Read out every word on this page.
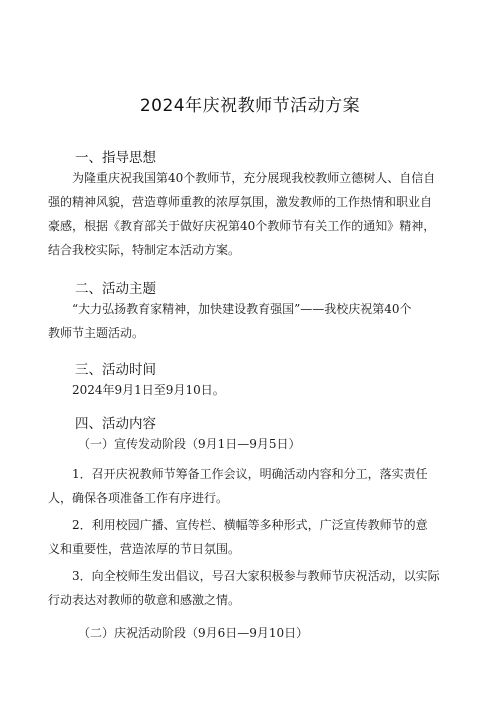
2024年庆祝教师节活动方案
一、指导思想
为隆重庆祝我国第40个教师节，充分展现我校教师立德树人、自信自
强的精神风貌，营造尊师重教的浓厚氛围，激发教师的工作热情和职业自
豪感，根据《教育部关于做好庆祝第40个教师节有关工作的通知》精神，
结合我校实际，特制定本活动方案。
二、活动主题
“大力弘扬教育家精神，加快建设教育强国”——我校庆祝第40个
教师节主题活动。
三、活动时间
2024年9月1日至9月10日。
四、活动内容
（一）宣传发动阶段（9月1日—9月5日）
1．召开庆祝教师节筹备工作会议，明确活动内容和分工，落实责任
人，确保各项准备工作有序进行。
2．利用校园广播、宣传栏、横幅等多种形式，广泛宣传教师节的意
义和重要性，营造浓厚的节日氛围。
3．向全校师生发出倡议，号召大家积极参与教师节庆祝活动，以实际
行动表达对教师的敬意和感激之情。
（二）庆祝活动阶段（9月6日—9月10日）
